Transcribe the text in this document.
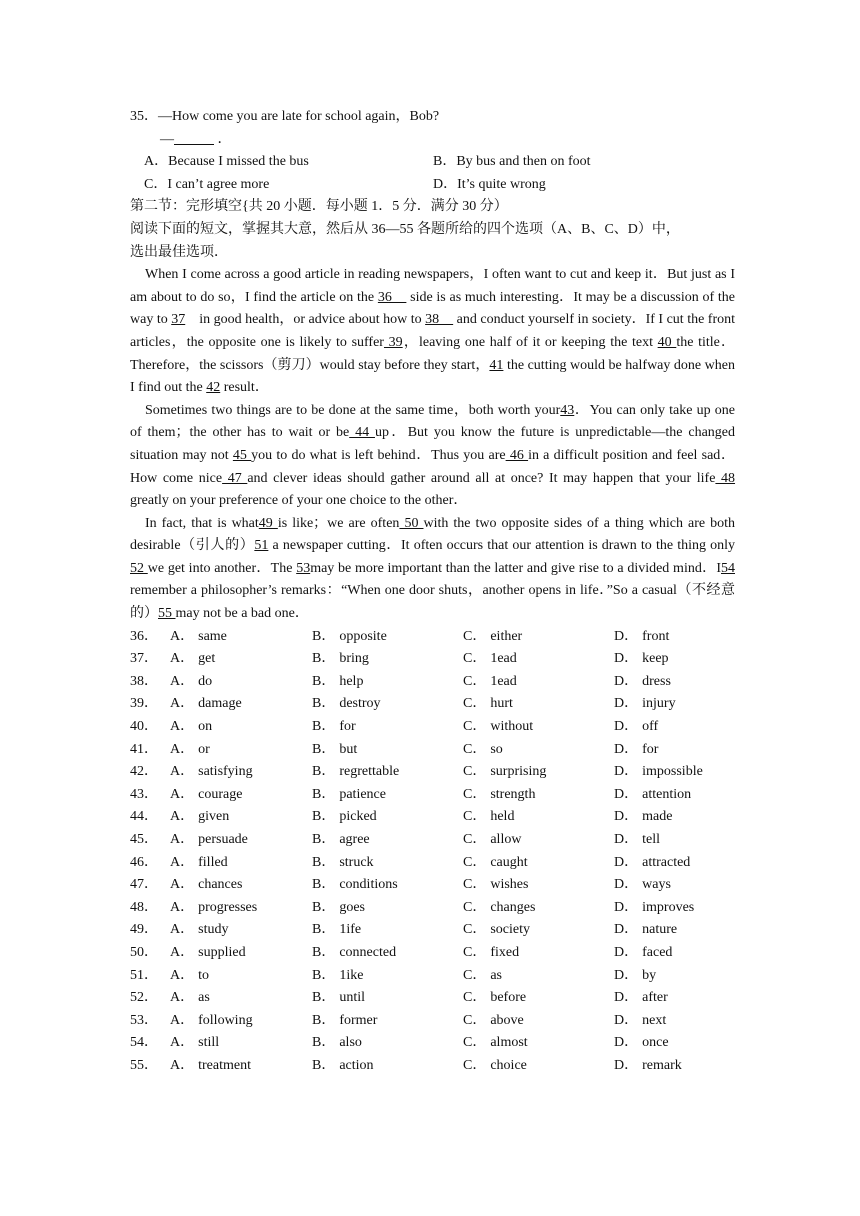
35．—How come you are late for school again，Bob?
—	．
A．Because I missed the bus	B．By bus and then on foot
C．I can’t agree more	D．It’s quite wrong
第二节：完形填空{共 20 小题．每小题 1．5 分．满分 30 分）
阅读下面的短文，掌握其大意，然后从 36—55 各题所给的四个选项（A、B、C、D）中，
选出最佳选项．

When I come across a good article in reading newspapers，I often want to cut and keep it．But just as I am about to do so，I find the article on the 36　 side is as much interesting．It may be a discussion of the way to 37　in good health，or advice about how to 38　 and conduct yourself in society．If I cut the front articles，the opposite one is likely to suffer 39，leaving one half of it or keeping the text 40 the title．Therefore，the scissors（剪刀）would stay before they start，41 the cutting would be halfway done when I find out the 42 result．

Sometimes two things are to be done at the same time，both worth your43．You can only take up one of them；the other has to wait or be 44 up．But you know the future is unpredictable—the changed situation may not 45 you to do what is left behind．Thus you are 46 in a difficult position and feel sad．How come nice 47 and clever ideas should gather around all at once? It may happen that your life 48 greatly on your preference of your one choice to the other．

In fact, that is what49 is like；we are often 50 with the two opposite sides of a thing which are both desirable（引人的）51 a newspaper cutting．It often occurs that our attention is drawn to the thing only 52 we get into another．The 53may be more important than the latter and give rise to a divided mind．I54 remember a philosopher’s remarks：“When one door shuts，another opens in life．”So a casual（不经意的）55 may not be a bad one．

36． A． same	B． opposite	C． either	D． front
37． A． get	B． bring	C． 1ead	D． keep
38． A． do	B． help	C． 1ead	D． dress
39． A． damage	B． destroy	C． hurt	D． injury
40． A． on	B． for	C． without	D． off
41． A． or	B． but	C． so	D． for
42． A． satisfying	B． regrettable	C． surprising	D． impossible
43． A． courage	B． patience	C． strength	D． attention
44． A． given	B． picked	C． held	D． made
45． A． persuade	B． agree	C． allow	D． tell
46． A． filled	B． struck	C． caught	D． attracted
47． A． chances	B． conditions	C． wishes	D． ways
48． A． progresses	B． goes	C． changes	D． improves
49． A． study	B． 1ife	C． society	D． nature
50． A． supplied	B． connected	C． fixed	D． faced
51． A． to	B． 1ike	C． as	D． by
52． A． as	B． until	C． before	D． after
53． A． following	B． former	C． above	D． next
54． A． still	B． also	C． almost	D． once
55． A． treatment	B． action	C． choice	D． remark
